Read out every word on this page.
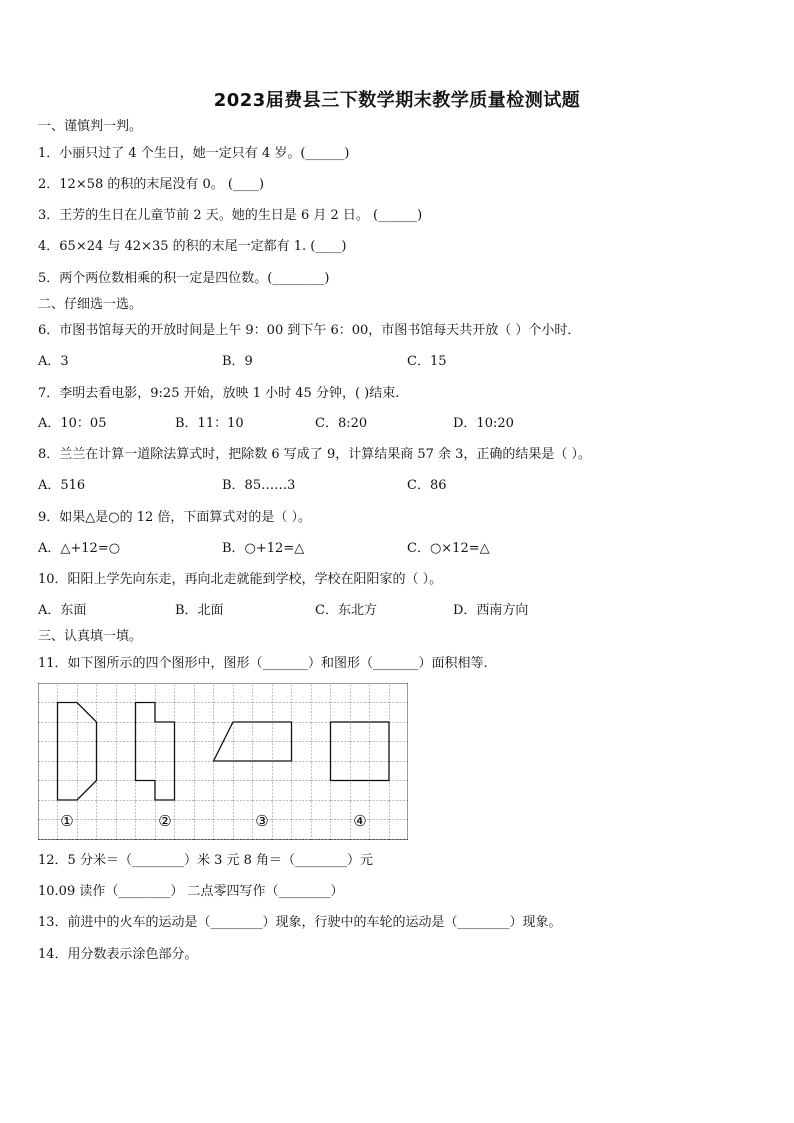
2023届费县三下数学期末教学质量检测试题
一、谨慎判一判。
1．小丽只过了 4 个生日，她一定只有 4 岁。(______)
2．12×58 的积的末尾没有 0。 (____)
3．王芳的生日在儿童节前 2 天。她的生日是 6 月 2 日。 (______)
4．65×24 与 42×35 的积的末尾一定都有 1. (____)
5．两个两位数相乘的积一定是四位数。(________)
二、仔细选一选。
6．市图书馆每天的开放时间是上午 9：00 到下午 6：00，市图书馆每天共开放（ ）个小时．
A．3	B．9	C．15
7．李明去看电影，9:25 开始，放映 1 小时 45 分钟，( )结束.
A．10：05	B．11：10	C．8:20	D．10:20
8．兰兰在计算一道除法算式时，把除数 6 写成了 9，计算结果商 57 余 3，正确的结果是（ ）。
A．516	B．85……3	C．86
9．如果△是○的 12 倍，下面算式对的是（ ）。
A．△+12=○	B．○+12=△	C．○×12=△
10．阳阳上学先向东走，再向北走就能到学校，学校在阳阳家的（ ）。
A．东面	B．北面	C．东北方	D．西南方向
三、认真填一填。
11．如下图所示的四个图形中，图形（_______）和图形（_______）面积相等.
①	②	③	④
12．5 分米＝（________）米 3 元 8 角＝（________）元
10.09 读作（________） 二点零四写作（________）
13．前进中的火车的运动是（________）现象，行驶中的车轮的运动是（________）现象。
14．用分数表示涂色部分。
